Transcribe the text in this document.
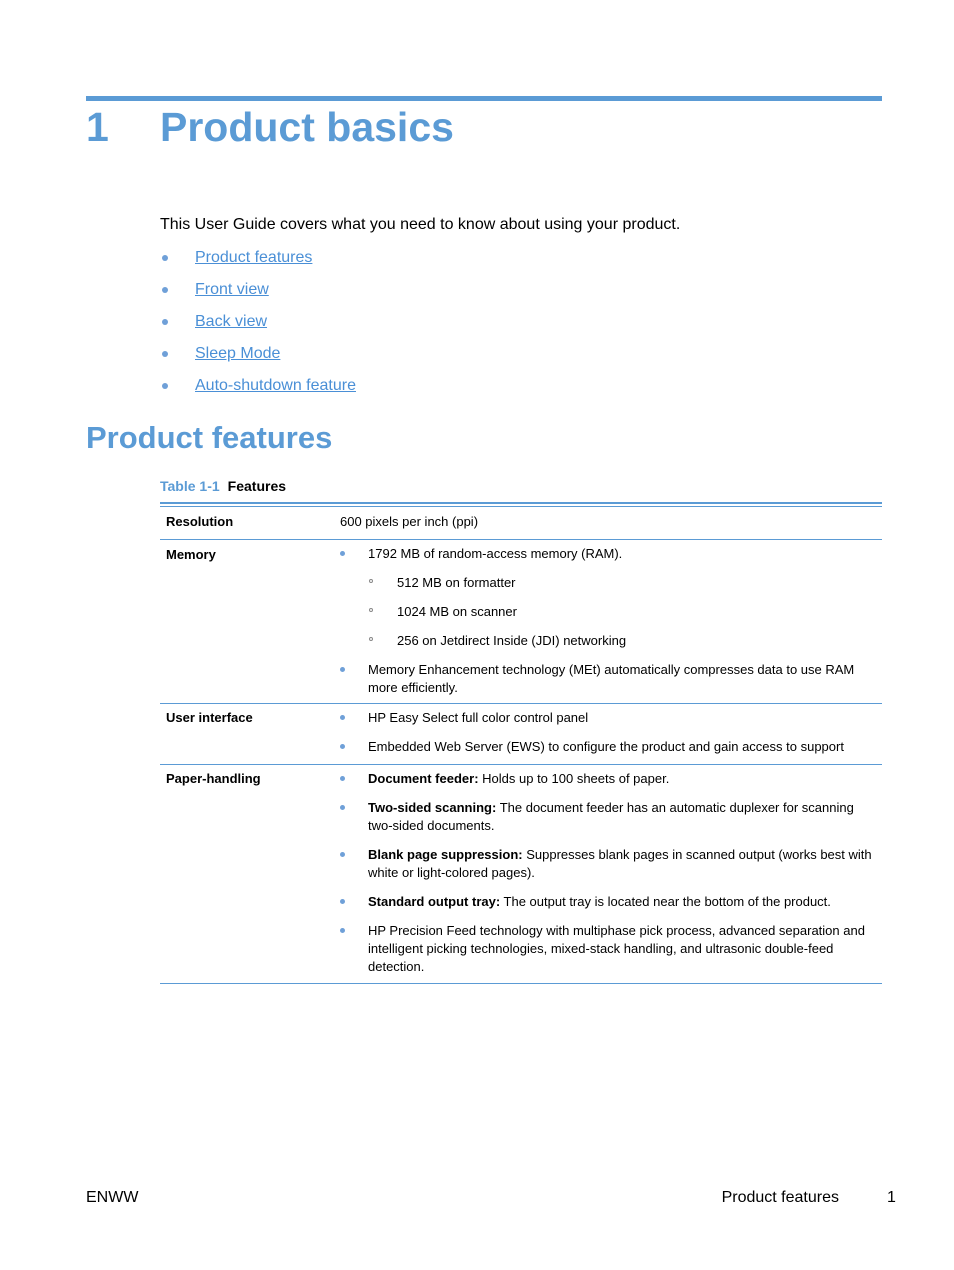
1 Product basics
This User Guide covers what you need to know about using your product.
Product features
Front view
Back view
Sleep Mode
Auto-shutdown feature
Product features
Table 1-1 Features
Resolution	600 pixels per inch (ppi)
Memory	1792 MB of random-access memory (RAM).
512 MB on formatter
1024 MB on scanner
256 on Jetdirect Inside (JDI) networking
Memory Enhancement technology (MEt) automatically compresses data to use RAM more efficiently.
User interface	HP Easy Select full color control panel
Embedded Web Server (EWS) to configure the product and gain access to support
Paper-handling	Document feeder: Holds up to 100 sheets of paper.
Two-sided scanning: The document feeder has an automatic duplexer for scanning two-sided documents.
Blank page suppression: Suppresses blank pages in scanned output (works best with white or light-colored pages).
Standard output tray: The output tray is located near the bottom of the product.
HP Precision Feed technology with multiphase pick process, advanced separation and intelligent picking technologies, mixed-stack handling, and ultrasonic double-feed detection.
ENWW	Product features	1
